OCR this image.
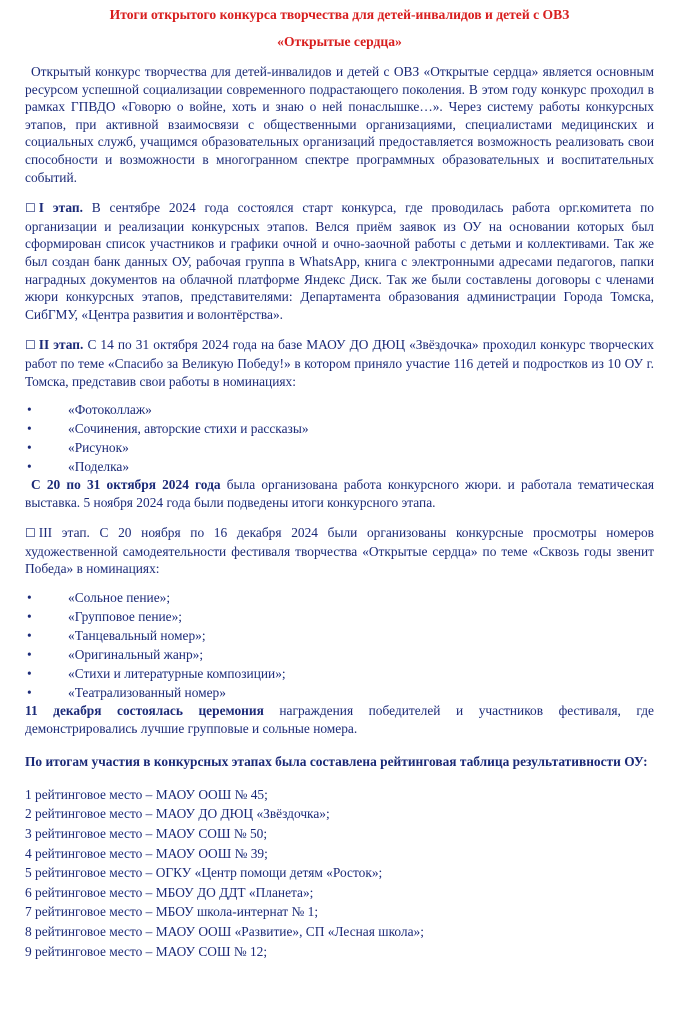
Итоги открытого конкурса творчества для детей-инвалидов и детей с ОВЗ
«Открытые сердца»

Открытый конкурс творчества для детей-инвалидов и детей с ОВЗ «Открытые сердца» является основным ресурсом успешной социализации современного подрастающего поколения. В этом году конкурс проходил в рамках ГПВДО «Говорю о войне, хоть и знаю о ней понаслышке…». Через систему работы конкурсных этапов, при активной взаимосвязи с общественными организациями, специалистами медицинских и социальных служб, учащимся образовательных организаций предоставляется возможность реализовать свои способности и возможности в многогранном спектре программных образовательных и воспитательных событий.

☐ I этап. В сентябре 2024 года состоялся старт конкурса, где проводилась работа орг.комитета по организации и реализации конкурсных этапов. Велся приём заявок из ОУ на основании которых был сформирован список участников и графики очной и очно-заочной работы с детьми и коллективами. Так же был создан банк данных ОУ, рабочая группа в WhatsApp, книга с электронными адресами педагогов, папки наградных документов на облачной платформе Яндекс Диск. Так же были составлены договоры с членами жюри конкурсных этапов, представителями: Департамента образования администрации Города Томска, СибГМУ, «Центра развития и волонтёрства».

☐ II этап. С 14 по 31 октября 2024 года на базе МАОУ ДО ДЮЦ «Звёздочка» проходил конкурс творческих работ по теме «Спасибо за Великую Победу!» в котором приняло участие 116 детей и подростков из 10 ОУ г. Томска, представив свои работы в номинациях:

• «Фотоколлаж»
• «Сочинения, авторские стихи и рассказы»
• «Рисунок»
• «Поделка»

С 20 по 31 октября 2024 года была организована работа конкурсного жюри. и работала тематическая выставка. 5 ноября 2024 года были подведены итоги конкурсного этапа.

☐ III этап. С 20 ноября по 16 декабря 2024 были организованы конкурсные просмотры номеров художественной самодеятельности фестиваля творчества «Открытые сердца» по теме «Сквозь годы звенит Победа» в номинациях:

• «Сольное пение»;
• «Групповое пение»;
• «Танцевальный номер»;
• «Оригинальный жанр»;
• «Стихи и литературные композиции»;
• «Театрализованный номер»

11 декабря состоялась церемония награждения победителей и участников фестиваля, где демонстрировались лучшие групповые и сольные номера.

По итогам участия в конкурсных этапах была составлена рейтинговая таблица результативности ОУ:

1 рейтинговое место – МАОУ ООШ № 45;
2 рейтинговое место – МАОУ ДО ДЮЦ «Звёздочка»;
3 рейтинговое место – МАОУ СОШ № 50;
4 рейтинговое место – МАОУ ООШ № 39;
5 рейтинговое место – ОГКУ «Центр помощи детям «Росток»;
6 рейтинговое место – МБОУ ДО ДДТ «Планета»;
7 рейтинговое место – МБОУ школа-интернат № 1;
8 рейтинговое место – МАОУ ООШ «Развитие», СП «Лесная школа»;
9 рейтинговое место – МАОУ СОШ № 12;
